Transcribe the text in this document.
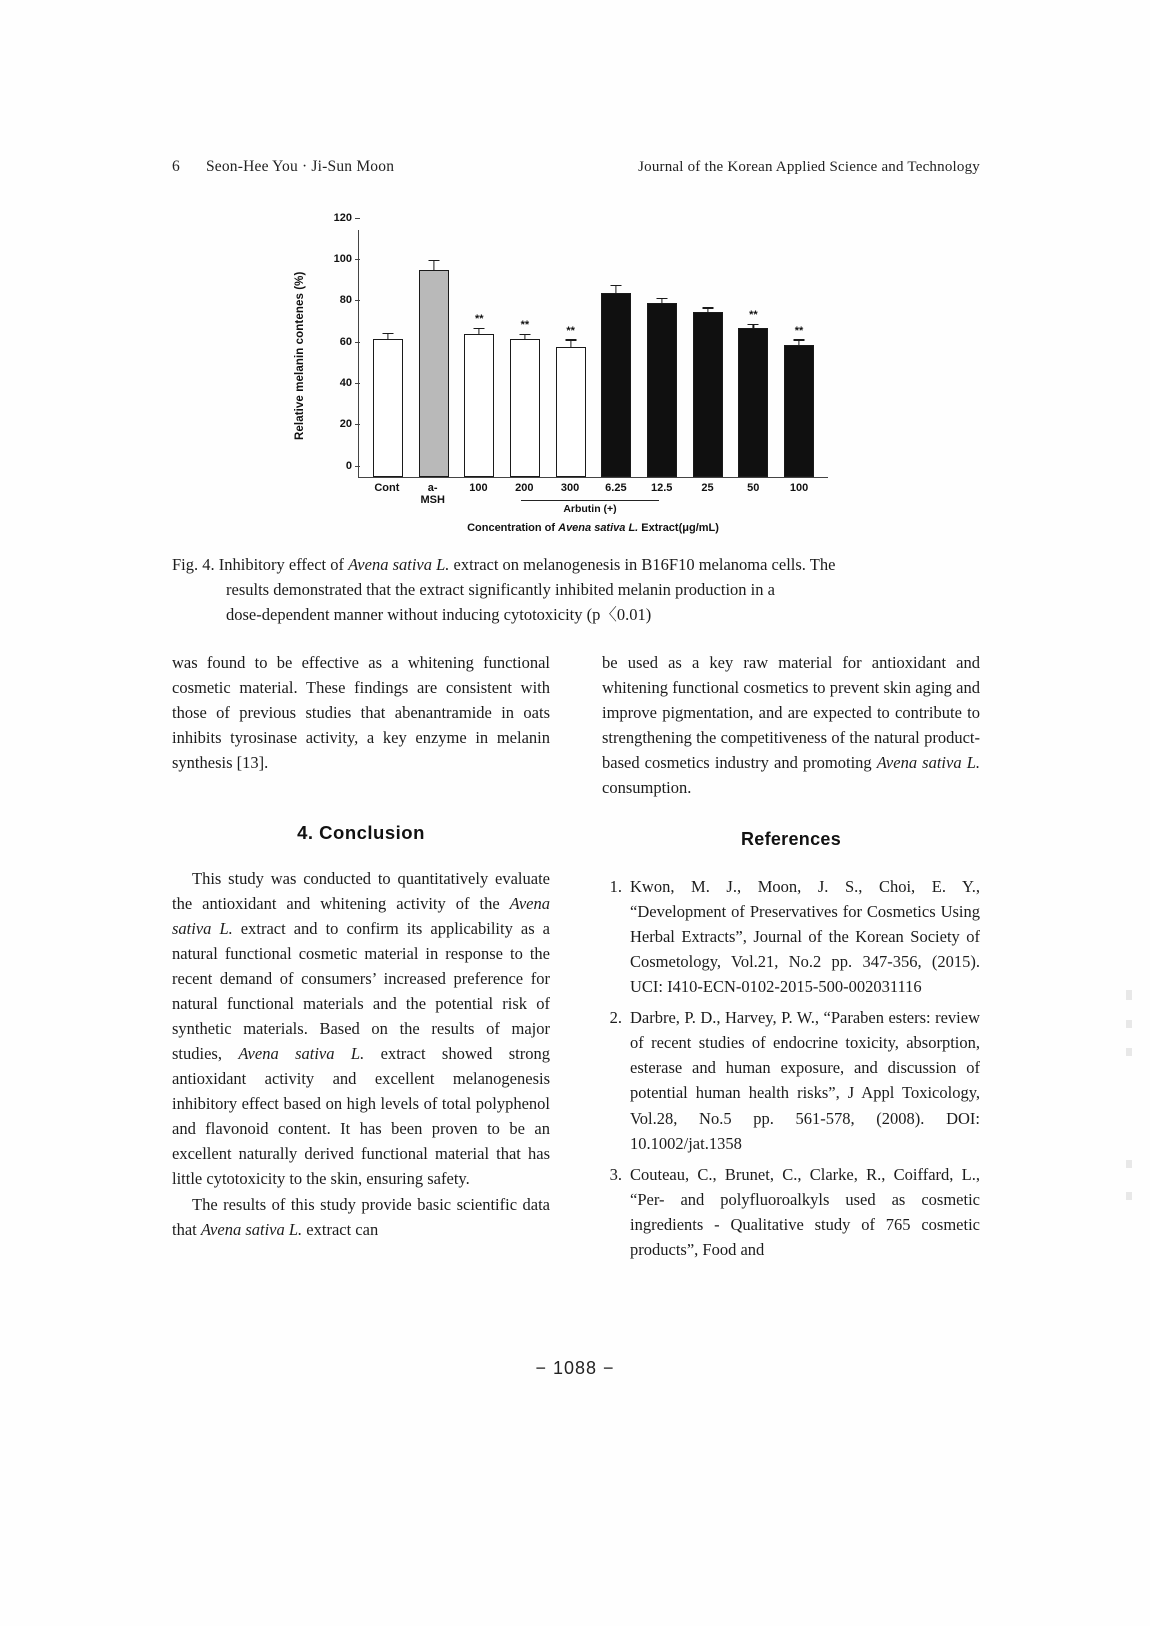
6 Seon-Hee You · Ji-Sun Moon	Journal of the Korean Applied Science and Technology
Relative melanin contenes (%)
0
20
40
60
80
100
120
**
**	**
**
**
Cont	a-MSH
100	200	300	6.25	12.5	25	50	100
Arbutin (+)
Concentration of Avena sativa L. Extract(μg/mL)
Fig. 4. Inhibitory effect of Avena sativa L. extract on melanogenesis in B16F10 melanoma cells. The
results demonstrated that the extract significantly inhibited melanin production in a
dose-dependent manner without inducing cytotoxicity (p〈0.01)

was found to be effective as a whitening functional cosmetic material. These findings are consistent with those of previous studies that abenantramide in oats inhibits tyrosinase activity, a key enzyme in melanin synthesis [13].

4. Conclusion

This study was conducted to quantitatively evaluate the antioxidant and whitening activity of the Avena sativa L. extract and to confirm its applicability as a natural functional cosmetic material in response to the recent demand of consumers’ increased preference for natural functional materials and the potential risk of synthetic materials. Based on the results of major studies, Avena sativa L. extract showed strong antioxidant activity and excellent melanogenesis inhibitory effect based on high levels of total polyphenol and flavonoid content. It has been proven to be an excellent naturally derived functional material that has little cytotoxicity to the skin, ensuring safety.

The results of this study provide basic scientific data that Avena sativa L. extract can

be used as a key raw material for antioxidant and whitening functional cosmetics to prevent skin aging and improve pigmentation, and are expected to contribute to strengthening the competitiveness of the natural product-based cosmetics industry and promoting Avena sativa L. consumption.

References
1. Kwon, M. J., Moon, J. S., Choi, E. Y., “Development of Preservatives for Cosmetics Using Herbal Extracts”, Journal of the Korean Society of Cosmetology, Vol.21, No.2 pp. 347-356, (2015). UCI: I410-ECN-0102-2015-500-002031116
2. Darbre, P. D., Harvey, P. W., “Paraben esters: review of recent studies of endocrine toxicity, absorption, esterase and human exposure, and discussion of potential human health risks”, J Appl Toxicology, Vol.28, No.5 pp. 561-578, (2008). DOI: 10.1002/jat.1358
3. Couteau, C., Brunet, C., Clarke, R., Coiffard, L., “Per- and polyfluoroalkyls used as cosmetic ingredients - Qualitative study of 765 cosmetic products”, Food and
− 1088 −
